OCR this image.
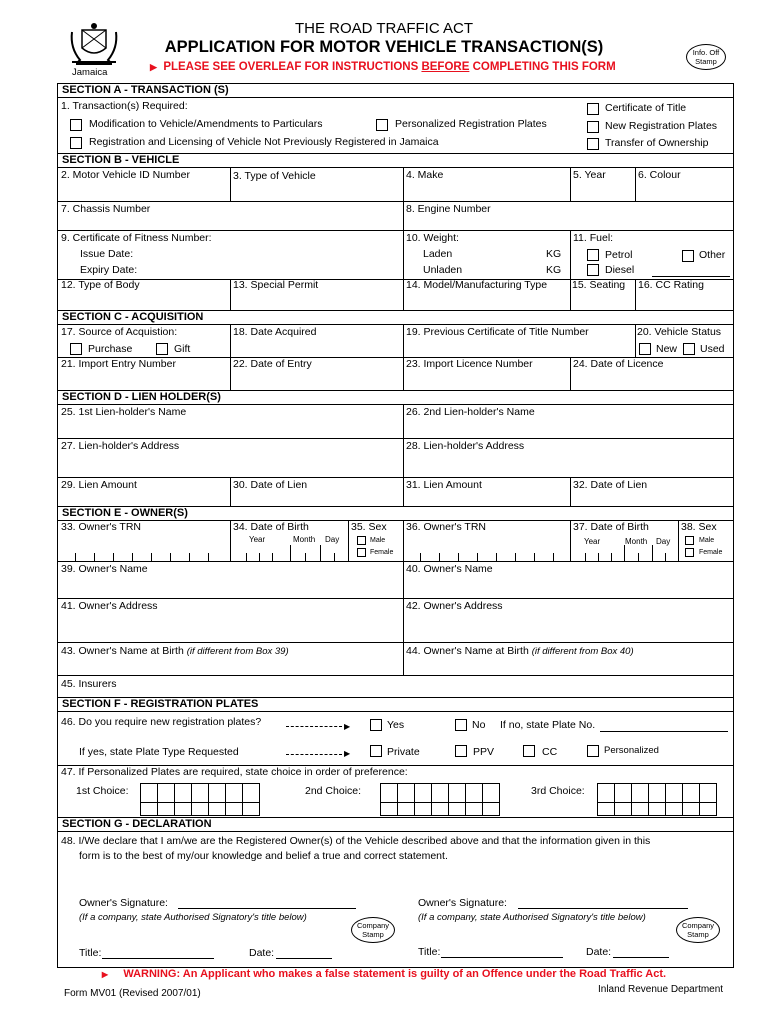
Jamaica
THE ROAD TRAFFIC ACT
APPLICATION FOR MOTOR VEHICLE TRANSACTION(S)
▶ PLEASE SEE OVERLEAF FOR INSTRUCTIONS BEFORE COMPLETING THIS FORM
Info. Off Stamp
SECTION A - TRANSACTION (S)
1. Transaction(s) Required:
Modification to Vehicle/Amendments to Particulars	Personalized Registration Plates
Registration and Licensing of Vehicle Not Previously Registered in Jamaica
Certificate of Title
New Registration Plates
Transfer of Ownership
SECTION B - VEHICLE
2. Motor Vehicle ID Number	3. Type of Vehicle	4. Make	5. Year	6. Colour
7. Chassis Number	8. Engine Number
9. Certificate of Fitness Number:
Issue Date:
Expiry Date:
10. Weight:
Laden	KG
Unladen	KG
11. Fuel:
Petrol
Diesel
Other
12. Type of Body	13. Special Permit	14. Model/Manufacturing Type 15. Seating 16. CC Rating
SECTION C - ACQUISITION
17. Source of Acquistion:
Purchase	Gift
18. Date Acquired	19. Previous Certificate of Title Number	20. Vehicle Status
New Used
21. Import Entry Number	22. Date of Entry	23. Import Licence Number	24. Date of Licence
SECTION D - LIEN HOLDER(S)
25. 1st Lien-holder's Name	26. 2nd Lien-holder's Name
27. Lien-holder's Address	28. Lien-holder's Address
29. Lien Amount	30. Date of Lien	31. Lien Amount	32. Date of Lien
SECTION E - OWNER(S)
33. Owner's TRN	34. Date of Birth
Year	Month Day
35. Sex
Male
Female
36. Owner's TRN	37. Date of Birth
Year	Month Day
38. Sex
Male
Female
39. Owner's Name	40. Owner's Name
41. Owner's Address	42. Owner's Address
43. Owner's Name at Birth (if different from Box 39)	44. Owner's Name at Birth (if different from Box 40)
45. Insurers
SECTION F - REGISTRATION PLATES
46. Do you require new registration plates?	▶	Yes	No If no, state Plate No.
If yes, state Plate Type Requested	▶	Private	PPV	CC	Personalized
47. If Personalized Plates are required, state choice in order of preference:
1st Choice:	2nd Choice:	3rd Choice:
SECTION G - DECLARATION
48. I/We declare that I am/we are the Registered Owner(s) of the Vehicle described above and that the information given in this
form is to the best of my/our knowledge and belief a true and correct statement.
Owner's Signature:
(If a company, state Authorised Signatory's title below)
Company Stamp
Title:	Date:
Owner's Signature:
(If a company, state Authorised Signatory's title below)
Company Stamp
Title:	Date:
▶ WARNING: An Applicant who makes a false statement is guilty of an Offence under the Road Traffic Act.
Form MV01 (Revised 2007/01)	Inland Revenue Department
